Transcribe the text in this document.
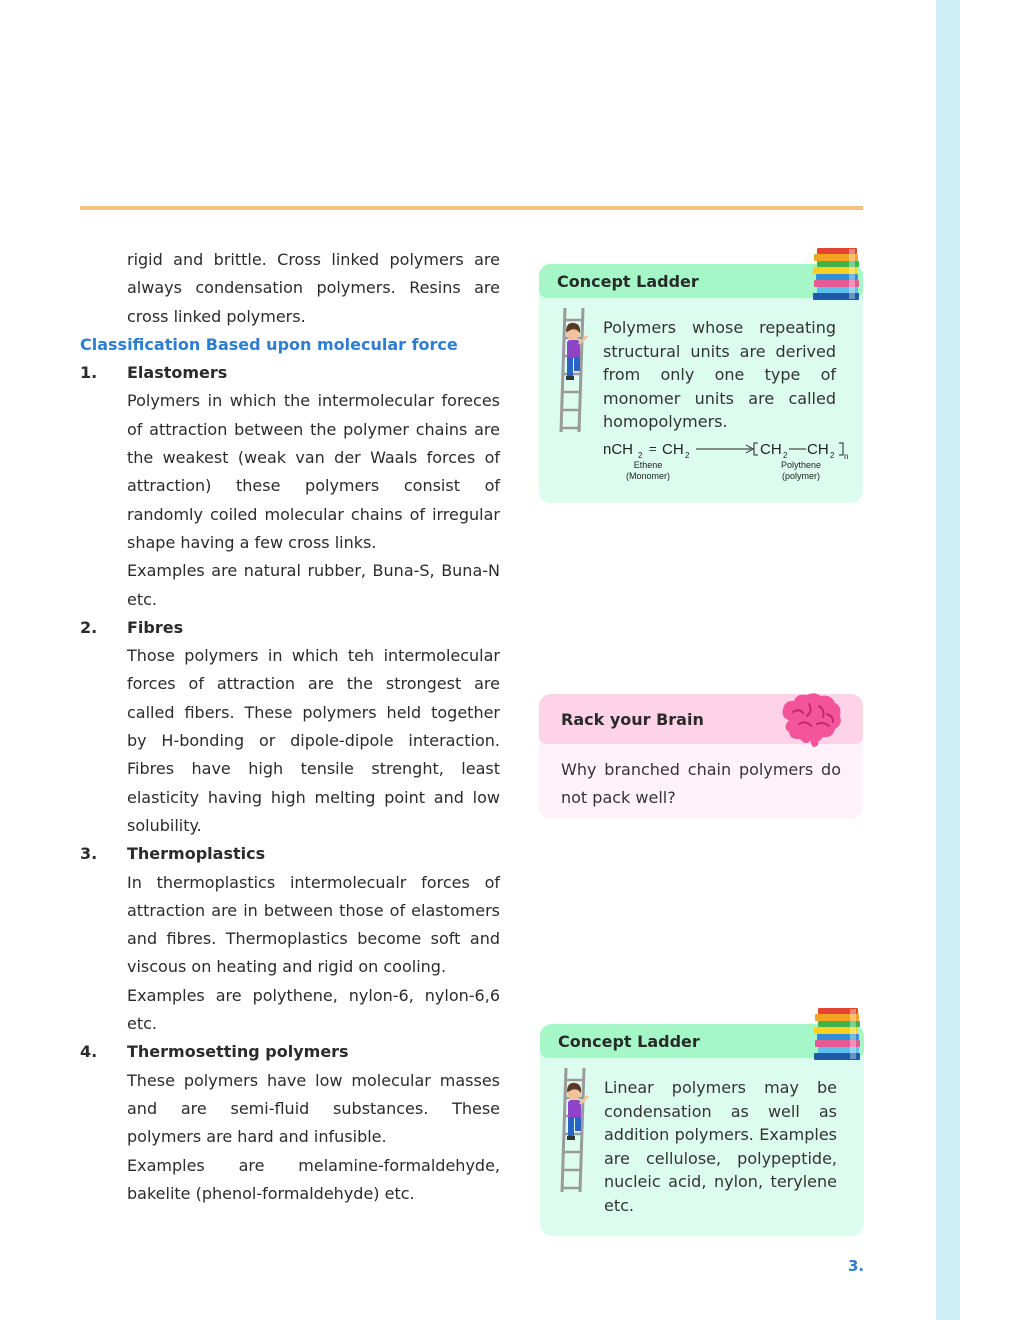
rigid and brittle. Cross linked polymers are always condensation polymers. Resins are cross linked polymers.
Classification Based upon molecular force
1.	Elastomers
Polymers in which the intermolecular foreces of attraction between the polymer chains are the weakest (weak van der Waals forces of attraction) these polymers consist of randomly coiled molecular chains of irregular shape having a few cross links.
Examples are natural rubber, Buna-S, Buna-N etc.
2.	Fibres
Those polymers in which teh intermolecular forces of attraction are the strongest are called fibers. These polymers held together by H-bonding or dipole-dipole interaction. Fibres have high tensile strenght, least elasticity having high melting point and low solubility.
3.	Thermoplastics
In thermoplastics intermolecualr forces of attraction are in between those of elastomers and fibres. Thermoplastics become soft and viscous on heating and rigid on cooling.
Examples are polythene, nylon-6, nylon-6,6 etc.
4.	Thermosetting polymers
These polymers have low molecular masses and are semi-fluid substances. These polymers are hard and infusible.
Examples are melamine-formaldehyde, bakelite (phenol-formaldehyde) etc.
Concept Ladder
Polymers whose repeating structural units are derived from only one type of monomer units are called homopolymers.
nCH 2 = CH 2	CH 2 CH 2 n
Ethene
(Monomer)
Polythene
(polymer)
Rack your Brain
Why branched chain polymers do not pack well?
Concept Ladder
Linear polymers may be condensation as well as addition polymers. Examples are cellulose, polypeptide, nucleic acid, nylon, terylene etc.
3.
